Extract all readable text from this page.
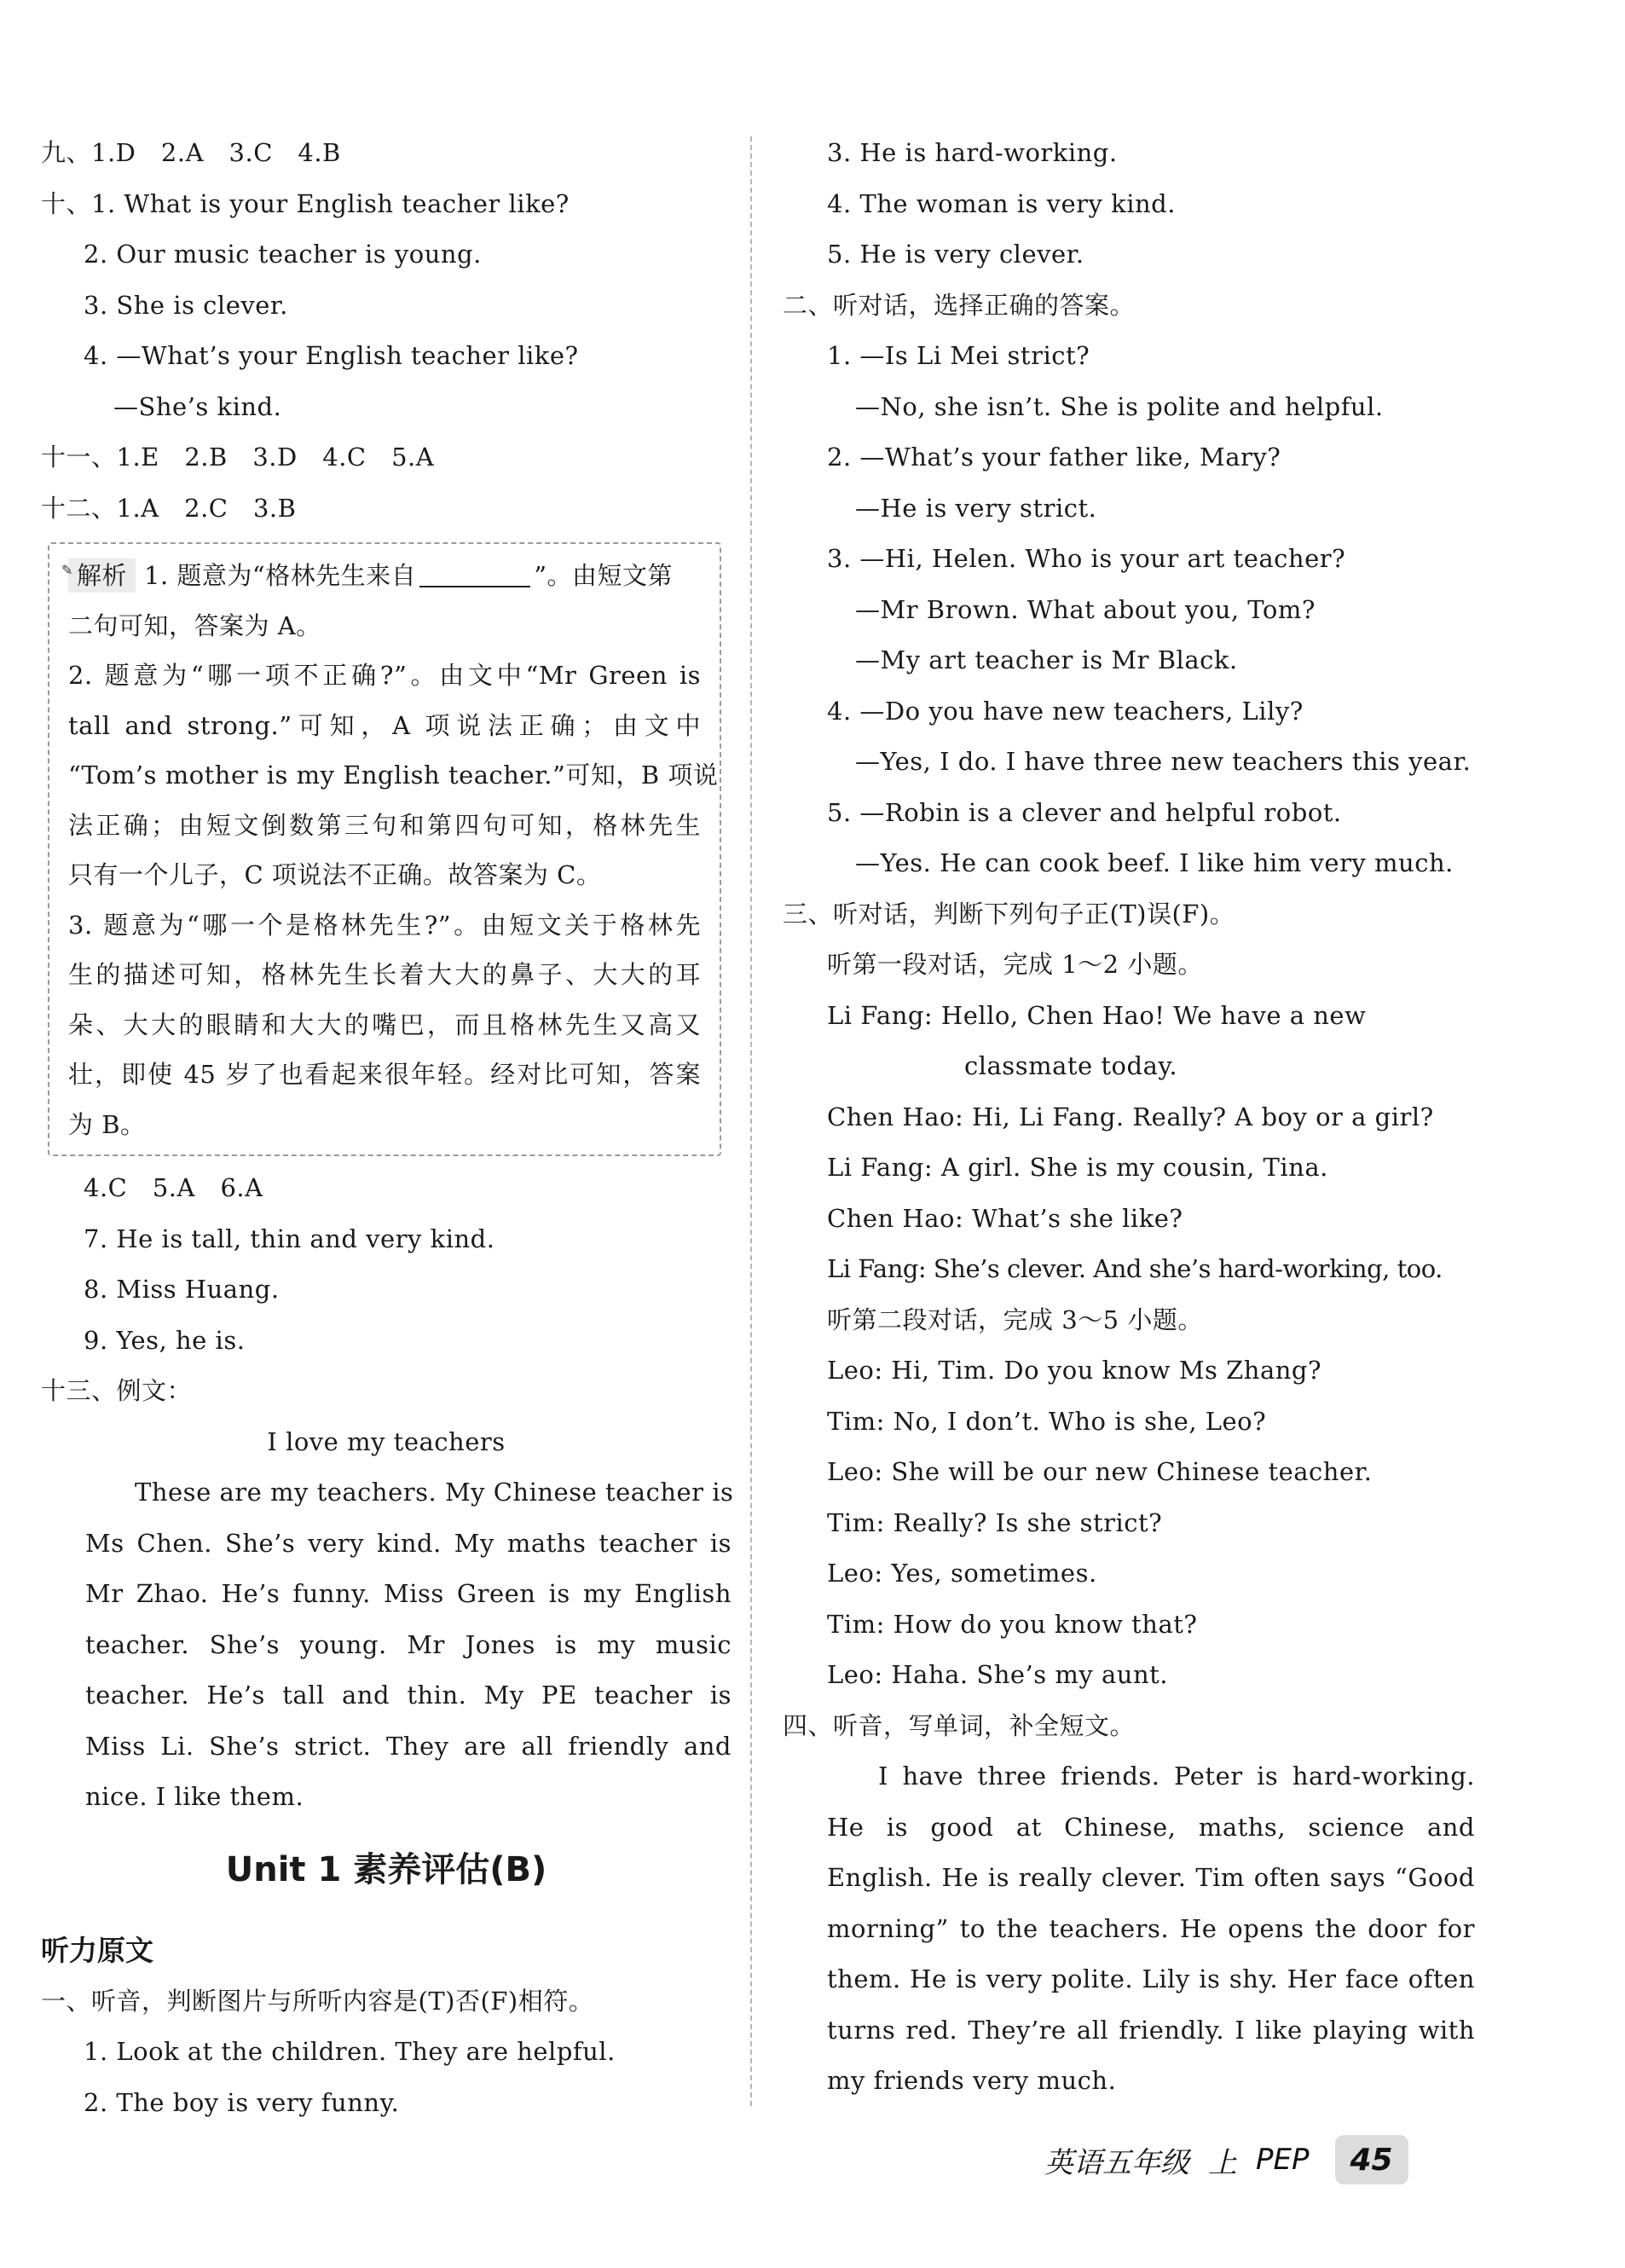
九、1.D　2.A　3.C　4.B
十、1. What is your English teacher like?
2. Our music teacher is young.
3. She is clever.
4. —What’s your English teacher like?
—She’s kind.
十一、1.E　2.B　3.D　4.C　5.A
十二、1.A　2.C　3.B
✎ 解析 1. 题意为“格林先生来自	”。由短文第
二句可知，答案为 A。
2. 题意为“哪一项不正确?”。由文中“Mr Green is
tall and strong.”可知，A 项说法正确；由文中
“Tom’s mother is my English teacher.”可知，B 项说
法正确；由短文倒数第三句和第四句可知，格林先生
只有一个儿子，C 项说法不正确。故答案为 C。
3. 题意为“哪一个是格林先生?”。由短文关于格林先
生的描述可知，格林先生长着大大的鼻子、大大的耳
朵、大大的眼睛和大大的嘴巴，而且格林先生又高又
壮，即使 45 岁了也看起来很年轻。经对比可知，答案
为 B。
4.C　5.A　6.A
7. He is tall, thin and very kind.
8. Miss Huang.
9. Yes, he is.
十三、例文：
I love my teachers
These are my teachers. My Chinese teacher is
Ms Chen. She’s very kind. My maths teacher is
Mr Zhao. He’s funny. Miss Green is my English
teacher. She’s young. Mr Jones is my music
teacher. He’s tall and thin. My PE teacher is
Miss Li. She’s strict. They are all friendly and
nice. I like them.
Unit 1 素养评估(B)
听力原文
一、听音，判断图片与所听内容是(T)否(F)相符。
1. Look at the children. They are helpful.
2. The boy is very funny.
3. He is hard-working.
4. The woman is very kind.
5. He is very clever.
二、听对话，选择正确的答案。
1. —Is Li Mei strict?
—No, she isn’t. She is polite and helpful.
2. —What’s your father like, Mary?
—He is very strict.
3. —Hi, Helen. Who is your art teacher?
—Mr Brown. What about you, Tom?
—My art teacher is Mr Black.
4. —Do you have new teachers, Lily?
—Yes, I do. I have three new teachers this year.
5. —Robin is a clever and helpful robot.
—Yes. He can cook beef. I like him very much.
三、听对话，判断下列句子正(T)误(F)。
听第一段对话，完成 1～2 小题。
Li Fang: Hello, Chen Hao! We have a new
classmate today.
Chen Hao: Hi, Li Fang. Really? A boy or a girl?
Li Fang: A girl. She is my cousin, Tina.
Chen Hao: What’s she like?
Li Fang: She’s clever. And she’s hard-working, too.
听第二段对话，完成 3～5 小题。
Leo: Hi, Tim. Do you know Ms Zhang?
Tim: No, I don’t. Who is she, Leo?
Leo: She will be our new Chinese teacher.
Tim: Really? Is she strict?
Leo: Yes, sometimes.
Tim: How do you know that?
Leo: Haha. She’s my aunt.
四、听音，写单词，补全短文。
I have three friends. Peter is hard-working.
He is good at Chinese, maths, science and
English. He is really clever. Tim often says “Good
morning” to the teachers. He opens the door for
them. He is very polite. Lily is shy. Her face often
turns red. They’re all friendly. I like playing with
my friends very much.
英语五年级 上 PEP	45
